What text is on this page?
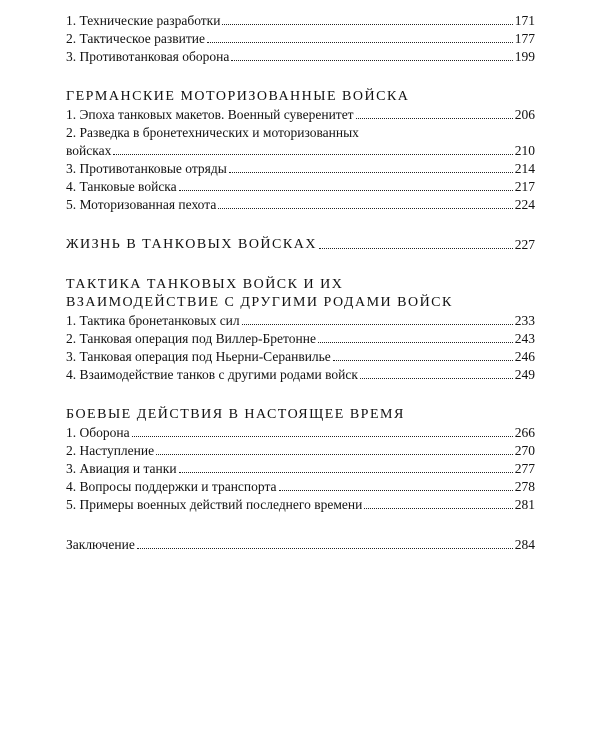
1. Технические разработки	171
2. Тактическое развитие	177
3. Противотанковая оборона	199
ГЕРМАНСКИЕ МОТОРИЗОВАННЫЕ ВОЙСКА
1. Эпоха танковых макетов. Военный суверенитет	206
2. Разведка в бронетехнических и моторизованных
войсках	210
3. Противотанковые отряды	214
4. Танковые войска	217
5. Моторизованная пехота	224
ЖИЗНЬ В ТАНКОВЫХ ВОЙСКАХ	227
ТАКТИКА ТАНКОВЫХ ВОЙСК И ИХ
ВЗАИМОДЕЙСТВИЕ С ДРУГИМИ РОДАМИ ВОЙСК
1. Тактика бронетанковых сил	233
2. Танковая операция под Виллер-Бретонне	243
3. Танковая операция под Ньерни-Серанвилье	246
4. Взаимодействие танков с другими родами войск	249
БОЕВЫЕ ДЕЙСТВИЯ В НАСТОЯЩЕЕ ВРЕМЯ
1. Оборона	266
2. Наступление	270
3. Авиация и танки	277
4. Вопросы поддержки и транспорта	278
5. Примеры военных действий последнего времени	281
Заключение	284
